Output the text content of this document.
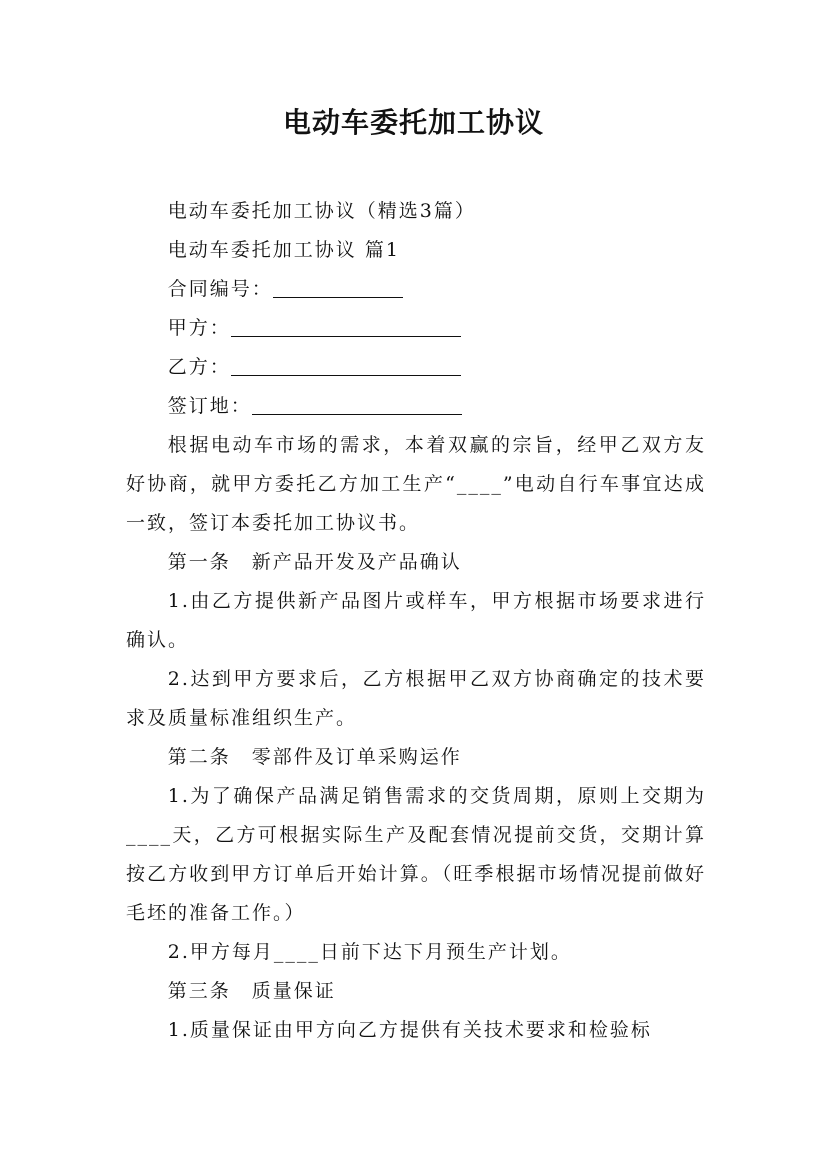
电动车委托加工协议

电动车委托加工协议（精选3篇）

电动车委托加工协议 篇1

合同编号：

甲方：

乙方：

签订地：

根据电动车市场的需求，本着双赢的宗旨，经甲乙双方友好协商，就甲方委托乙方加工生产“____”电动自行车事宜达成一致，签订本委托加工协议书。

第一条　新产品开发及产品确认

1.由乙方提供新产品图片或样车，甲方根据市场要求进行确认。

2.达到甲方要求后，乙方根据甲乙双方协商确定的技术要求及质量标准组织生产。

第二条　零部件及订单采购运作

1.为了确保产品满足销售需求的交货周期，原则上交期为____天，乙方可根据实际生产及配套情况提前交货，交期计算按乙方收到甲方订单后开始计算。（旺季根据市场情况提前做好毛坯的准备工作。）

2.甲方每月____日前下达下月预生产计划。

第三条　质量保证

1.质量保证由甲方向乙方提供有关技术要求和检验标
